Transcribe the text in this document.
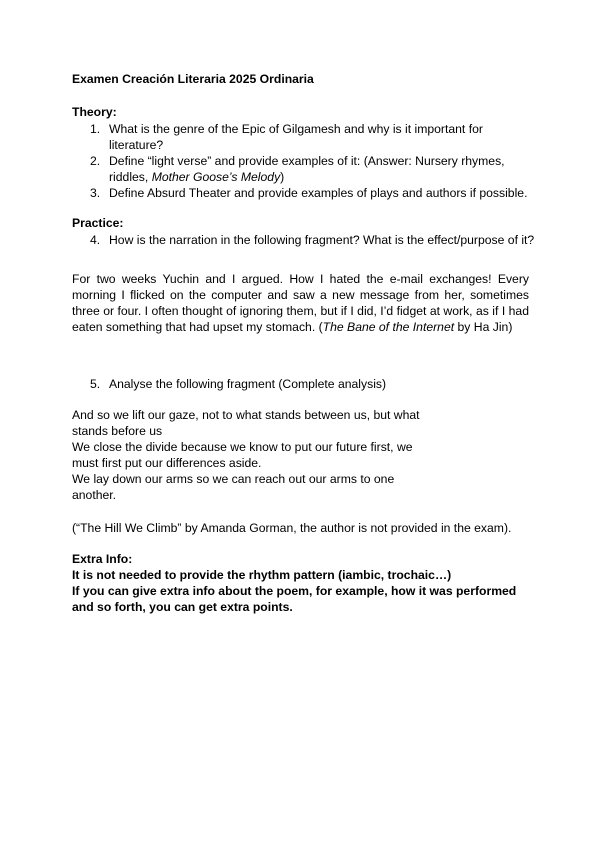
Examen Creación Literaria 2025 Ordinaria
Theory:
1. What is the genre of the Epic of Gilgamesh and why is it important for literature?
2. Define “light verse” and provide examples of it: (Answer: Nursery rhymes, riddles, Mother Goose’s Melody)
3. Define Absurd Theater and provide examples of plays and authors if possible.
Practice:
4. How is the narration in the following fragment? What is the effect/purpose of it?
For two weeks Yuchin and I argued. How I hated the e-mail exchanges! Every morning I flicked on the computer and saw a new message from her, sometimes three or four. I often thought of ignoring them, but if I did, I’d fidget at work, as if I had eaten something that had upset my stomach. (The Bane of the Internet by Ha Jin)
5. Analyse the following fragment (Complete analysis)
And so we lift our gaze, not to what stands between us, but what
stands before us
We close the divide because we know to put our future first, we
must first put our differences aside.
We lay down our arms so we can reach out our arms to one
another.
(“The Hill We Climb” by Amanda Gorman, the author is not provided in the exam).
Extra Info:
It is not needed to provide the rhythm pattern (iambic, trochaic…)
If you can give extra info about the poem, for example, how it was performed and so forth, you can get extra points.
